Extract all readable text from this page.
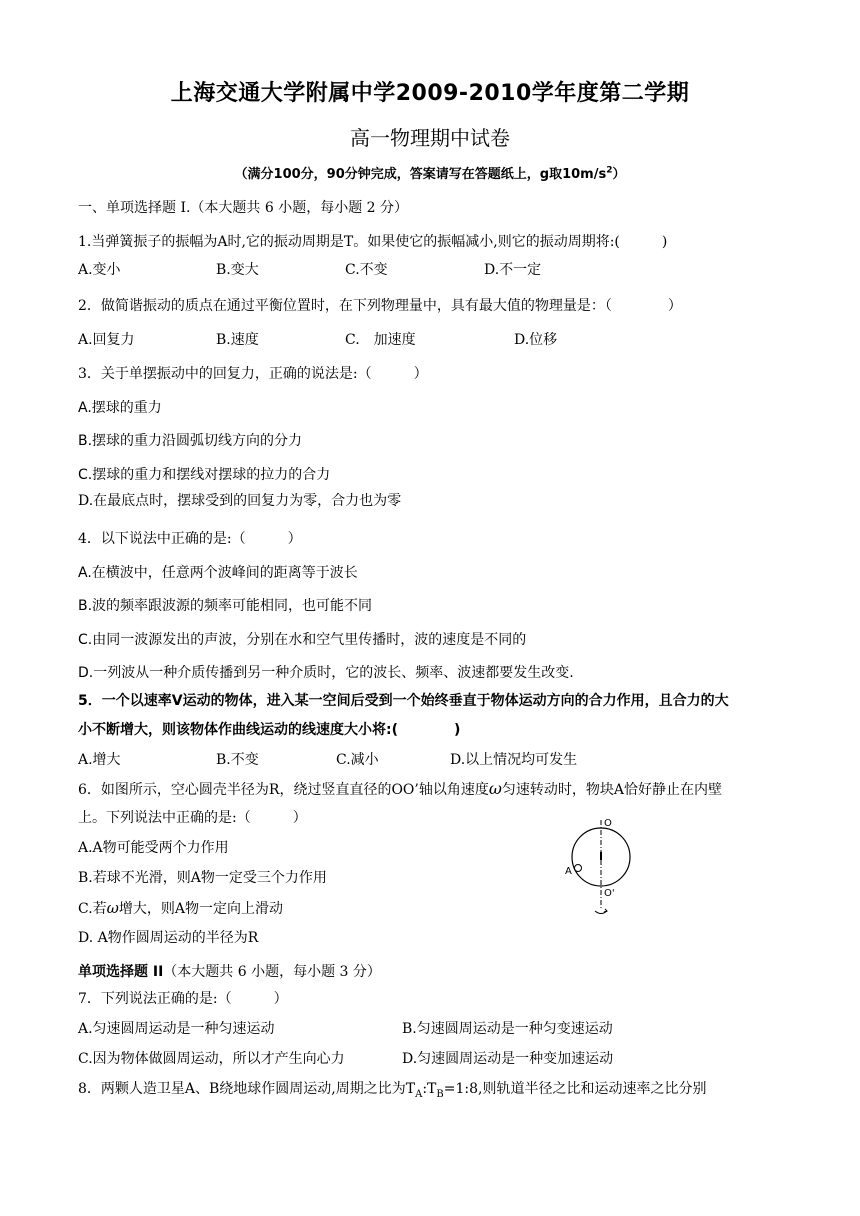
上海交通大学附属中学2009-2010学年度第二学期
高一物理期中试卷
（满分100分，90分钟完成，答案请写在答题纸上，g取$10m/s^2$）
一、单项选择题 I.（本大题共 6 小题，每小题 2 分）
1.当弹簧振子的振幅为A时,它的振动周期是T。如果使它的振幅减小,则它的振动周期将:(　　　)
A.变小	B.变大	C.不变	D.不一定
2．做简谐振动的质点在通过平衡位置时，在下列物理量中，具有最大值的物理量是：（　　　　）
A.回复力	B.速度	C.　加速度	D.位移
3．关于单摆振动中的回复力，正确的说法是:（　　　）
A.摆球的重力
B.摆球的重力沿圆弧切线方向的分力
C.摆球的重力和摆线对摆球的拉力的合力
D.在最底点时，摆球受到的回复力为零，合力也为零
4．以下说法中正确的是:（　　　）
A.在横波中，任意两个波峰间的距离等于波长
B.波的频率跟波源的频率可能相同，也可能不同
C.由同一波源发出的声波，分别在水和空气里传播时，波的速度是不同的
D.一列波从一种介质传播到另一种介质时，它的波长、频率、波速都要发生改变.
5．一个以速率V运动的物体，进入某一空间后受到一个始终垂直于物体运动方向的合力作用，且合力的大
小不断增大，则该物体作曲线运动的线速度大小将:(　　　　)
A.增大	B.不变	C.减小	D.以上情况均可发生
6．如图所示，空心圆壳半径为R，绕过竖直直径的OO’轴以角速度ω匀速转动时，物块A恰好静止在内壁
上。下列说法中正确的是:（　　　）
A.A物可能受两个力作用
B.若球不光滑，则A物一定受三个力作用
C.若ω增大，则A物一定向上滑动
D. A物作圆周运动的半径为R
O
O'
A
单项选择题 II（本大题共 6 小题，每小题 3 分）
7．下列说法正确的是:（　　　）
A.匀速圆周运动是一种匀速运动	B.匀速圆周运动是一种匀变速运动
C.因为物体做圆周运动，所以才产生向心力	D.匀速圆周运动是一种变加速运动
8．两颗人造卫星A、B绕地球作圆周运动,周期之比为$T_A:T_B=1:8$,则轨道半径之比和运动速率之比分别
